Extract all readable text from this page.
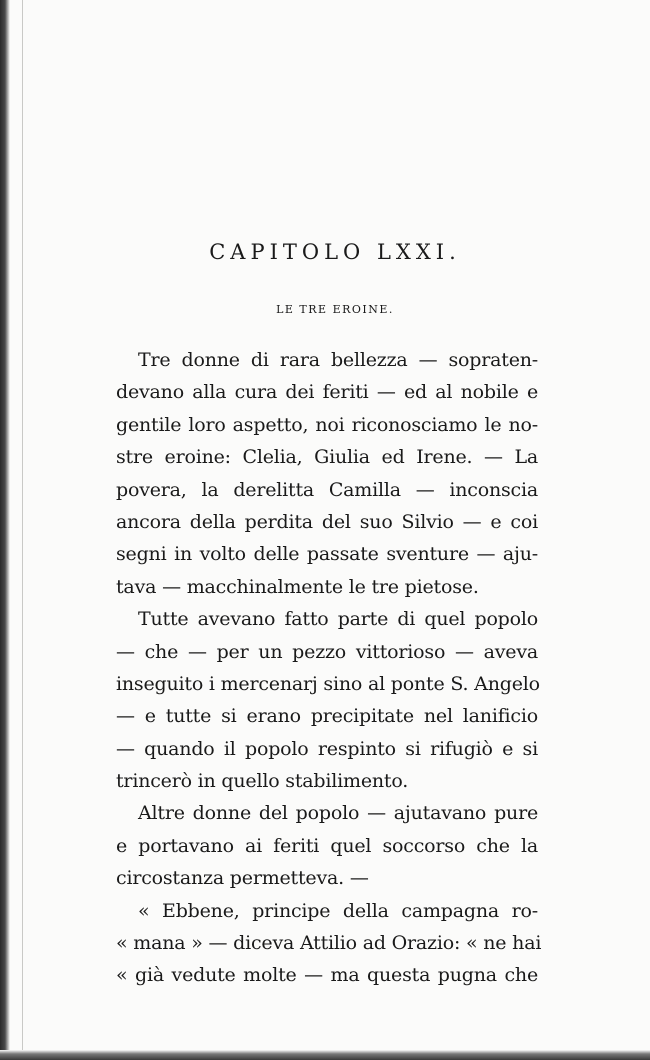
CAPITOLO LXXI.
LE TRE EROINE.
Tre donne di rara bellezza — sopraten-
devano alla cura dei feriti — ed al nobile e
gentile loro aspetto, noi riconosciamo le no-
stre eroine: Clelia, Giulia ed Irene. — La
povera, la derelitta Camilla — inconscia
ancora della perdita del suo Silvio — e coi
segni in volto delle passate sventure — aju-
tava — macchinalmente le tre pietose.
Tutte avevano fatto parte di quel popolo
— che — per un pezzo vittorioso — aveva
inseguito i mercenarj sino al ponte S. Angelo
— e tutte si erano precipitate nel lanificio
— quando il popolo respinto si rifugiò e si
trincerò in quello stabilimento.
Altre donne del popolo — ajutavano pure
e portavano ai feriti quel soccorso che la
circostanza permetteva. —
« Ebbene, principe della campagna ro-
« mana » — diceva Attilio ad Orazio: « ne hai
« già vedute molte — ma questa pugna che
